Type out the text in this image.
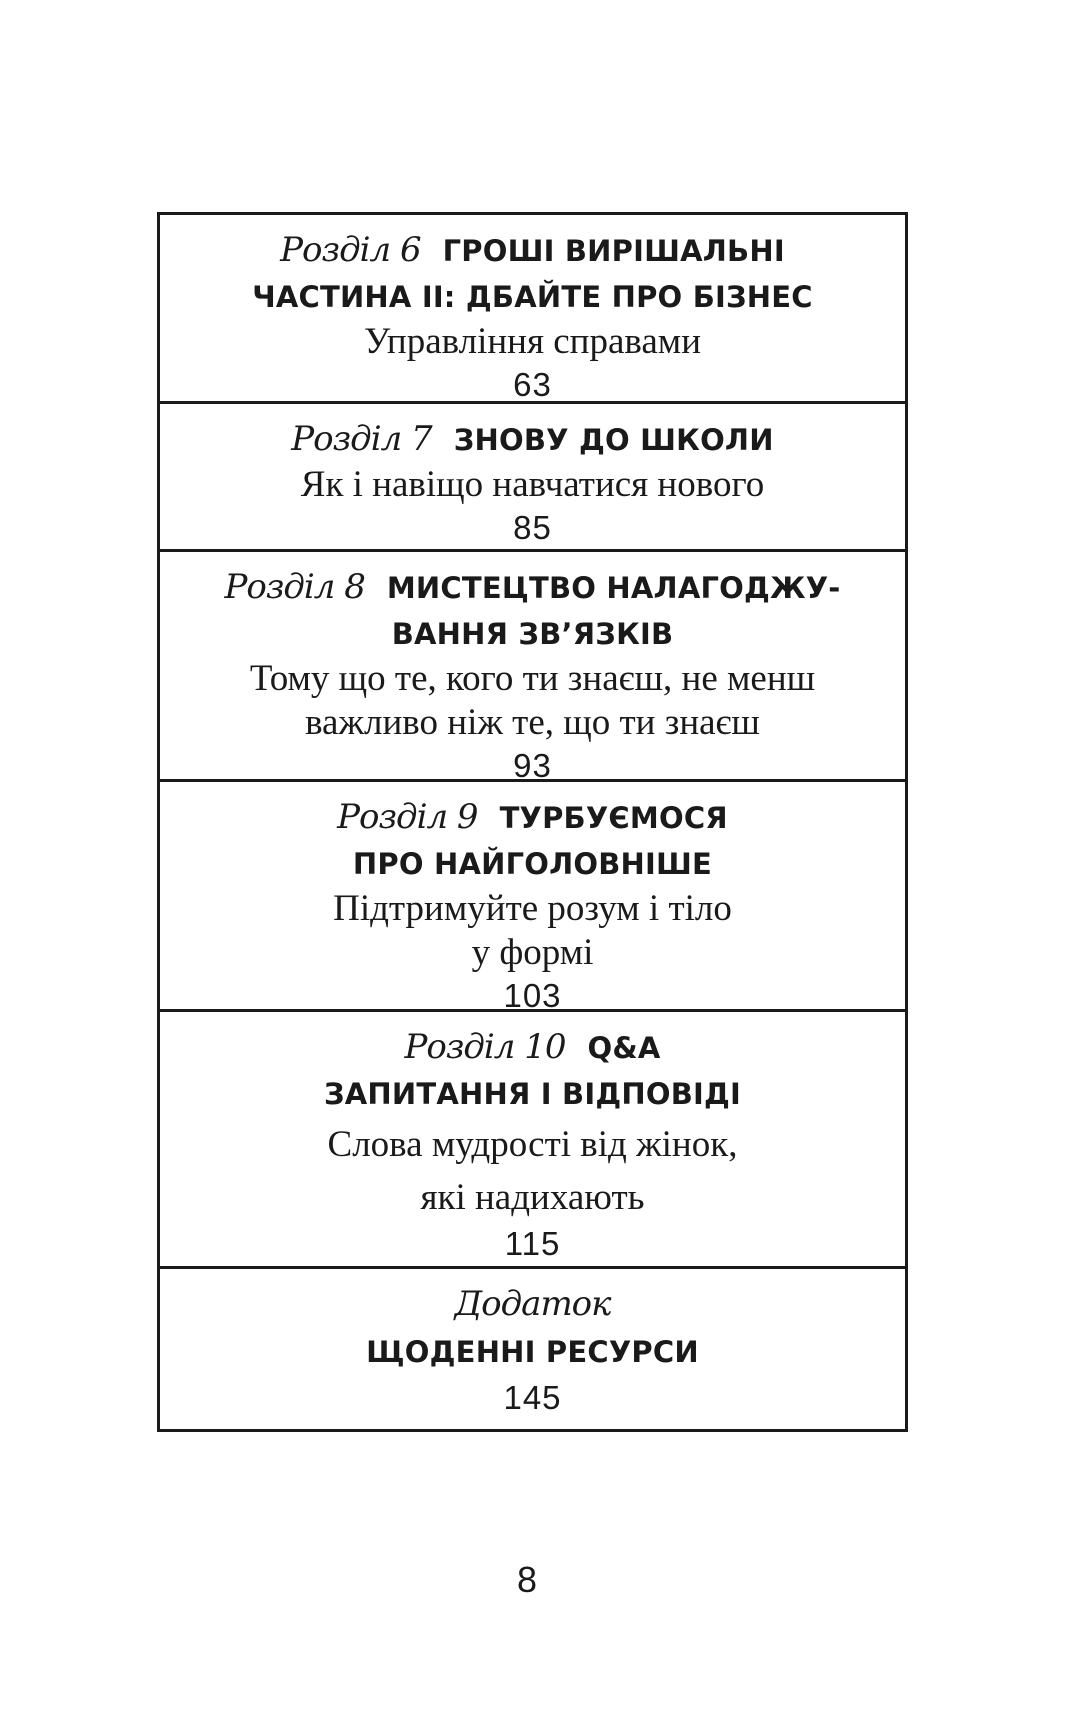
Розділ 6 ГРОШІ ВИРІШАЛЬНІ
ЧАСТИНА II: ДБАЙТЕ ПРО БІЗНЕС
Управління справами
63
Розділ 7 ЗНОВУ ДО ШКОЛИ
Як і навіщо навчатися нового
85
Розділ 8 МИСТЕЦТВО НАЛАГОДЖУ-
ВАННЯ ЗВ’ЯЗКІВ
Тому що те, кого ти знаєш, не менш
важливо ніж те, що ти знаєш
93
Розділ 9 ТУРБУЄМОСЯ
ПРО НАЙГОЛОВНІШЕ
Підтримуйте розум і тіло
у формі
103
Розділ 10 Q&A
ЗАПИТАННЯ І ВІДПОВІДІ
Слова мудрості від жінок,
які надихають
115
Додаток
ЩОДЕННІ РЕСУРСИ
145
8
